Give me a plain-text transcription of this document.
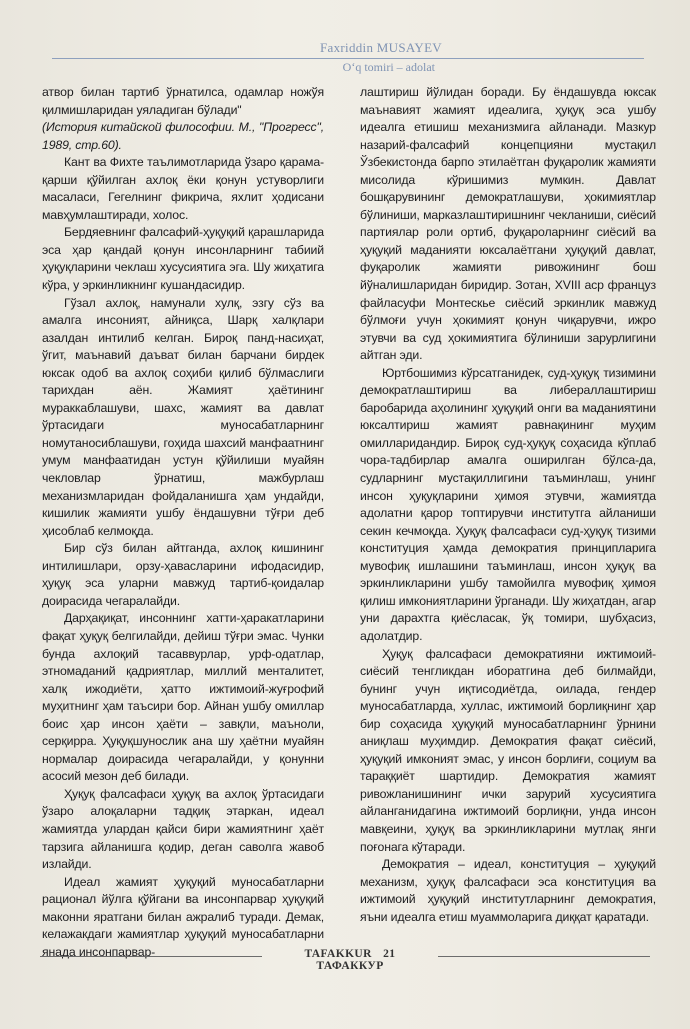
Faxriddin MUSAYEV
O‘q tomiri – adolat

атвор билан тартиб ўрнатилса, одамлар ножўя қилмишларидан уяладиган бўлади"

(История китайской философии. М., "Прогресс", 1989, стр.60).

Кант ва Фихте таълимотларида ўзаро қарама-қарши қўйилган ахлоқ ёки қонун устуворлиги масаласи, Гегелнинг фикрича, яхлит ҳодисани мавҳумлаштиради, холос.

Бердяевнинг фалсафий-ҳуқуқий қарашларида эса ҳар қандай қонун инсонларнинг табиий ҳуқуқларини чеклаш хусусиятига эга. Шу жиҳатига кўра, у эркинликнинг кушандасидир.

Гўзал ахлоқ, намунали хулқ, эзгу сўз ва амалга инсоният, айниқса, Шарқ халқлари азалдан интилиб келган. Бироқ панд-насиҳат, ўгит, маънавий даъват билан барчани бирдек юксак одоб ва ахлоқ соҳиби қилиб бўлмаслиги тарихдан аён. Жамият ҳаётининг мураккаблашуви, шахс, жамият ва давлат ўртасидаги муносабатларнинг номутаносиблашуви, гоҳида шахсий манфаатнинг умум манфаатидан устун қўйилиши муайян чекловлар ўрнатиш, мажбурлаш механизмларидан фойдаланишга ҳам ундайди, кишилик жамияти ушбу ёндашувни тўғри деб ҳисоблаб келмоқда.

Бир сўз билан айтганда, ахлоқ кишининг интилишлари, орзу-ҳавасларини ифодасидир, ҳуқуқ эса уларни мавжуд тартиб-қоидалар доирасида чегаралайди.

Дарҳақиқат, инсоннинг хатти-ҳаракатларини фақат ҳуқуқ белгилайди, дейиш тўғри эмас. Чунки бунда ахлоқий тасаввурлар, урф-одатлар, этномаданий қадриятлар, миллий менталитет, халқ ижодиёти, ҳатто ижтимоий-жуғрофий муҳитнинг ҳам таъсири бор. Айнан ушбу омиллар боис ҳар инсон ҳаёти – завқли, маъноли, серқирра. Ҳуқуқшунослик ана шу ҳаётни муайян нормалар доирасида чегаралайди, у қонунни асосий мезон деб билади.

Ҳуқуқ фалсафаси ҳуқуқ ва ахлоқ ўртасидаги ўзаро алоқаларни тадқиқ этаркан, идеал жамиятда улардан қайси бири жамиятнинг ҳаёт тарзига айланишга қодир, деган саволга жавоб излайди.

Идеал жамият ҳуқуқий муносабатларни рационал йўлга қўйгани ва инсонпарвар ҳуқуқий маконни яратгани билан ажралиб туради. Демак, келажакдаги жамиятлар ҳуқуқий муносабатларни янада инсонпарвар-

лаштириш йўлидан боради. Бу ёндашувда юксак маънавият жамият идеалига, ҳуқуқ эса ушбу идеалга етишиш механизмига айланади. Мазкур назарий-фалсафий концепцияни мустақил Ўзбекистонда барпо этилаётган фуқаролик жамияти мисолида кўришимиз мумкин. Давлат бошқарувининг демократлашуви, ҳокимиятлар бўлиниши, марказлаштиришнинг чекланиши, сиёсий партиялар роли ортиб, фуқароларнинг сиёсий ва ҳуқуқий маданияти юксалаётгани ҳуқуқий давлат, фуқаролик жамияти ривожининг бош йўналишларидан биридир. Зотан, XVIII аср француз файласуфи Монтескье сиёсий эркинлик мавжуд бўлмоғи учун ҳокимият қонун чиқарувчи, ижро этувчи ва суд ҳокимиятига бўлиниши зарурлигини айтган эди.

Юртбошимиз кўрсатганидек, суд-ҳуқуқ тизимини демократлаштириш ва либераллаштириш баробарида аҳолининг ҳуқуқий онги ва маданиятини юксалтириш жамият равнақининг муҳим омилларидандир. Бироқ суд-ҳуқуқ соҳасида кўплаб чора-тадбирлар амалга оширилган бўлса-да, судларнинг мустақиллигини таъминлаш, унинг инсон ҳуқуқларини ҳимоя этувчи, жамиятда адолатни қарор топтирувчи институтга айланиши секин кечмоқда. Ҳуқуқ фалсафаси суд-ҳуқуқ тизими конституция ҳамда демократия принципларига мувофиқ ишлашини таъминлаш, инсон ҳуқуқ ва эркинликларини ушбу тамойилга мувофиқ ҳимоя қилиш имкониятларини ўрганади. Шу жиҳатдан, агар уни дарахтга қиёсласак, ўқ томири, шубҳасиз, адолатдир.

Ҳуқуқ фалсафаси демократияни ижтимоий-сиёсий тенгликдан иборатгина деб билмайди, бунинг учун иқтисодиётда, оилада, гендер муносабатларда, хуллас, ижтимоий борлиқнинг ҳар бир соҳасида ҳуқуқий муносабатларнинг ўрнини аниқлаш муҳимдир. Демократия фақат сиёсий, ҳуқуқий имконият эмас, у инсон борлиғи, социум ва тараққиёт шартидир. Демократия жамият ривожланишининг ички зарурий хусусиятига айланганидагина ижтимоий борлиқни, унда инсон мавқеини, ҳуқуқ ва эркинликларини мутлақ янги поғонага кўтаради.

Демократия – идеал, конституция – ҳуқуқий механизм, ҳуқуқ фалсафаси эса конституция ва ижтимоий ҳуқуқий институтларнинг демократия, яъни идеалга етиш муаммоларига диққат қаратади.

TAFAKKUR 21 ТАФАККУР
